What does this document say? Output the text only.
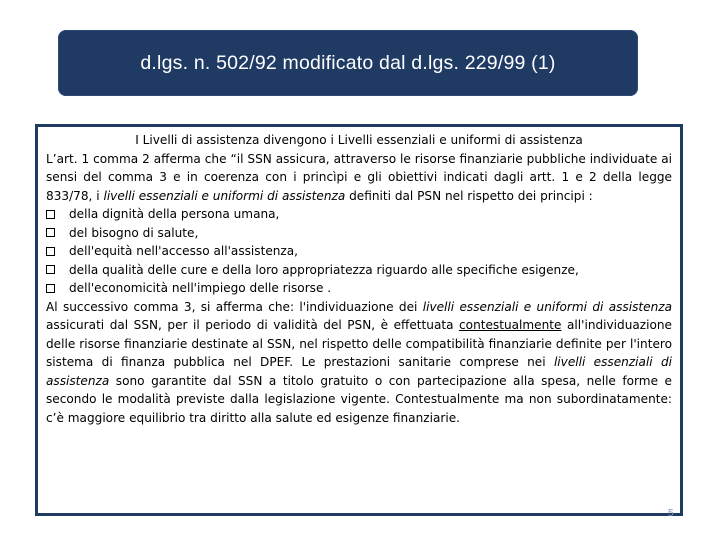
d.lgs. n. 502/92 modificato dal d.lgs. 229/99 (1)
I Livelli di assistenza divengono i Livelli essenziali e uniformi di assistenza
L’art. 1 comma 2 afferma che “il SSN assicura, attraverso le risorse finanziarie pubbliche individuate ai sensi del comma 3 e in coerenza con i princìpi e gli obiettivi indicati dagli artt. 1 e 2 della legge 833/78, i livelli essenziali e uniformi di assistenza definiti dal PSN nel rispetto dei principi :
della dignità della persona umana,
del bisogno di salute,
dell'equità nell'accesso all'assistenza,
della qualità delle cure e della loro appropriatezza riguardo alle specifiche esigenze,
dell'economicità nell'impiego delle risorse .
Al successivo comma 3, si afferma che: l'individuazione dei livelli essenziali e uniformi di assistenza assicurati dal SSN, per il periodo di validità del PSN, è effettuata contestualmente all'individuazione delle risorse finanziarie destinate al SSN, nel rispetto delle compatibilità finanziarie definite per l'intero sistema di finanza pubblica nel DPEF. Le prestazioni sanitarie comprese nei livelli essenziali di assistenza sono garantite dal SSN a titolo gratuito o con partecipazione alla spesa, nelle forme e secondo le modalità previste dalla legislazione vigente. Contestualmente ma non subordinatamente: c’è maggiore equilibrio tra diritto alla salute ed esigenze finanziarie.
5
